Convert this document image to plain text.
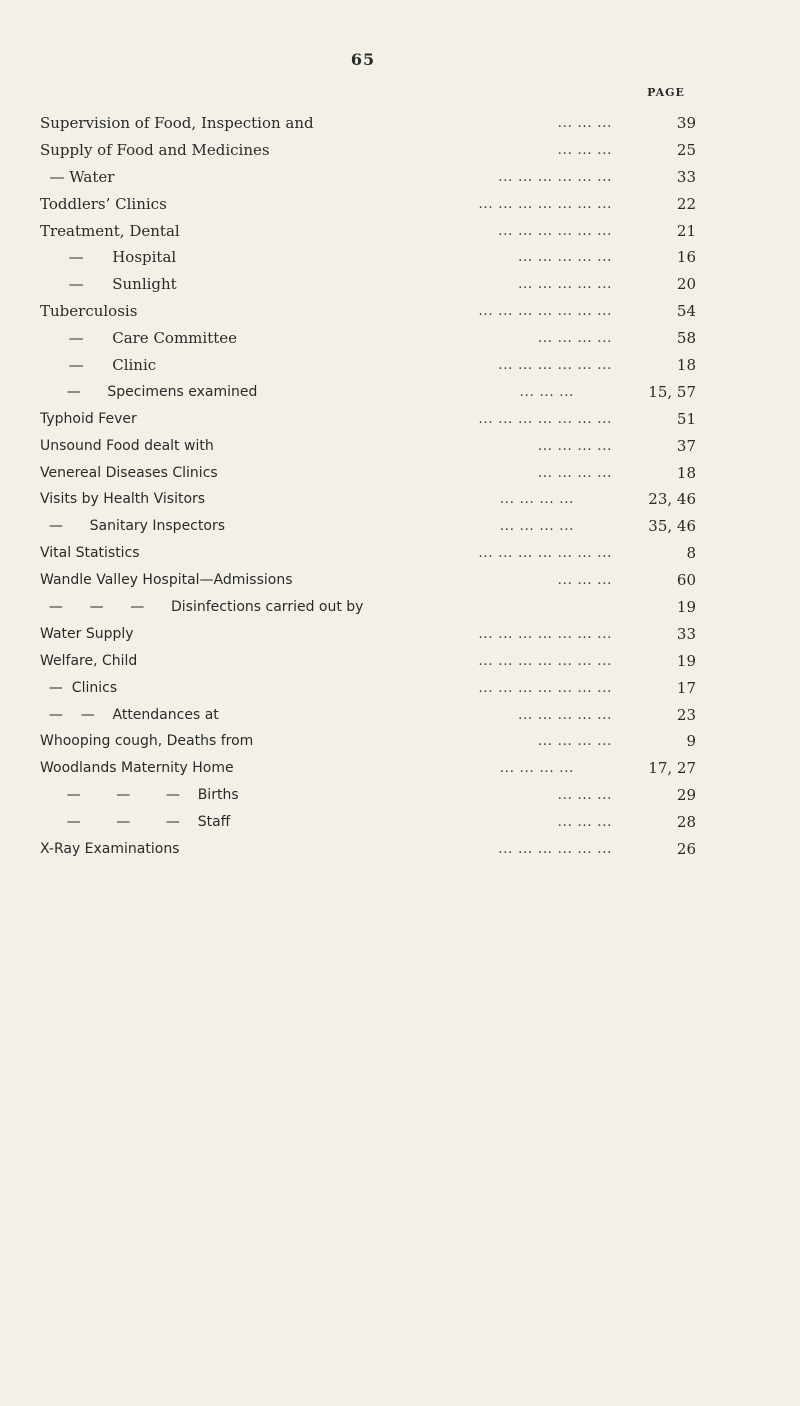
65
PAGE
Supervision of Food, Inspection and	... ... ...	39
Supply of Food and Medicines	... ... ...	25
— Water	... ... ... ... ... ...	33
Toddlers’ Clinics	... ... ... ... ... ... ...	22
Treatment, Dental	... ... ... ... ... ...	21
—      Hospital	... ... ... ... ...	16
—      Sunlight	... ... ... ... ...	20
Tuberculosis	... ... ... ... ... ... ...	54
—      Care Committee	... ... ... ...	58
—      Clinic	... ... ... ... ... ...	18
—      Specimens examined	... ... ...	15, 57
Typhoid Fever	... ... ... ... ... ... ...	51
Unsound Food dealt with	... ... ... ...	37
Venereal Diseases Clinics	... ... ... ...	18
Visits by Health Visitors	... ... ... ...	23, 46
—      Sanitary Inspectors	... ... ... ...	35, 46
Vital Statistics	... ... ... ... ... ... ...	8
Wandle Valley Hospital—Admissions	... ... ...	60
—      —      —      Disinfections carried out by	19
Water Supply	... ... ... ... ... ... ...	33
Welfare, Child	... ... ... ... ... ... ...	19
—  Clinics	... ... ... ... ... ... ...	17
—    —    Attendances at	... ... ... ... ...	23
Whooping cough, Deaths from	... ... ... ...	9
Woodlands Maternity Home	... ... ... ...	17, 27
—        —        —    Births	... ... ...	29
—        —        —    Staff	... ... ...	28
X-Ray Examinations	... ... ... ... ... ...	26
